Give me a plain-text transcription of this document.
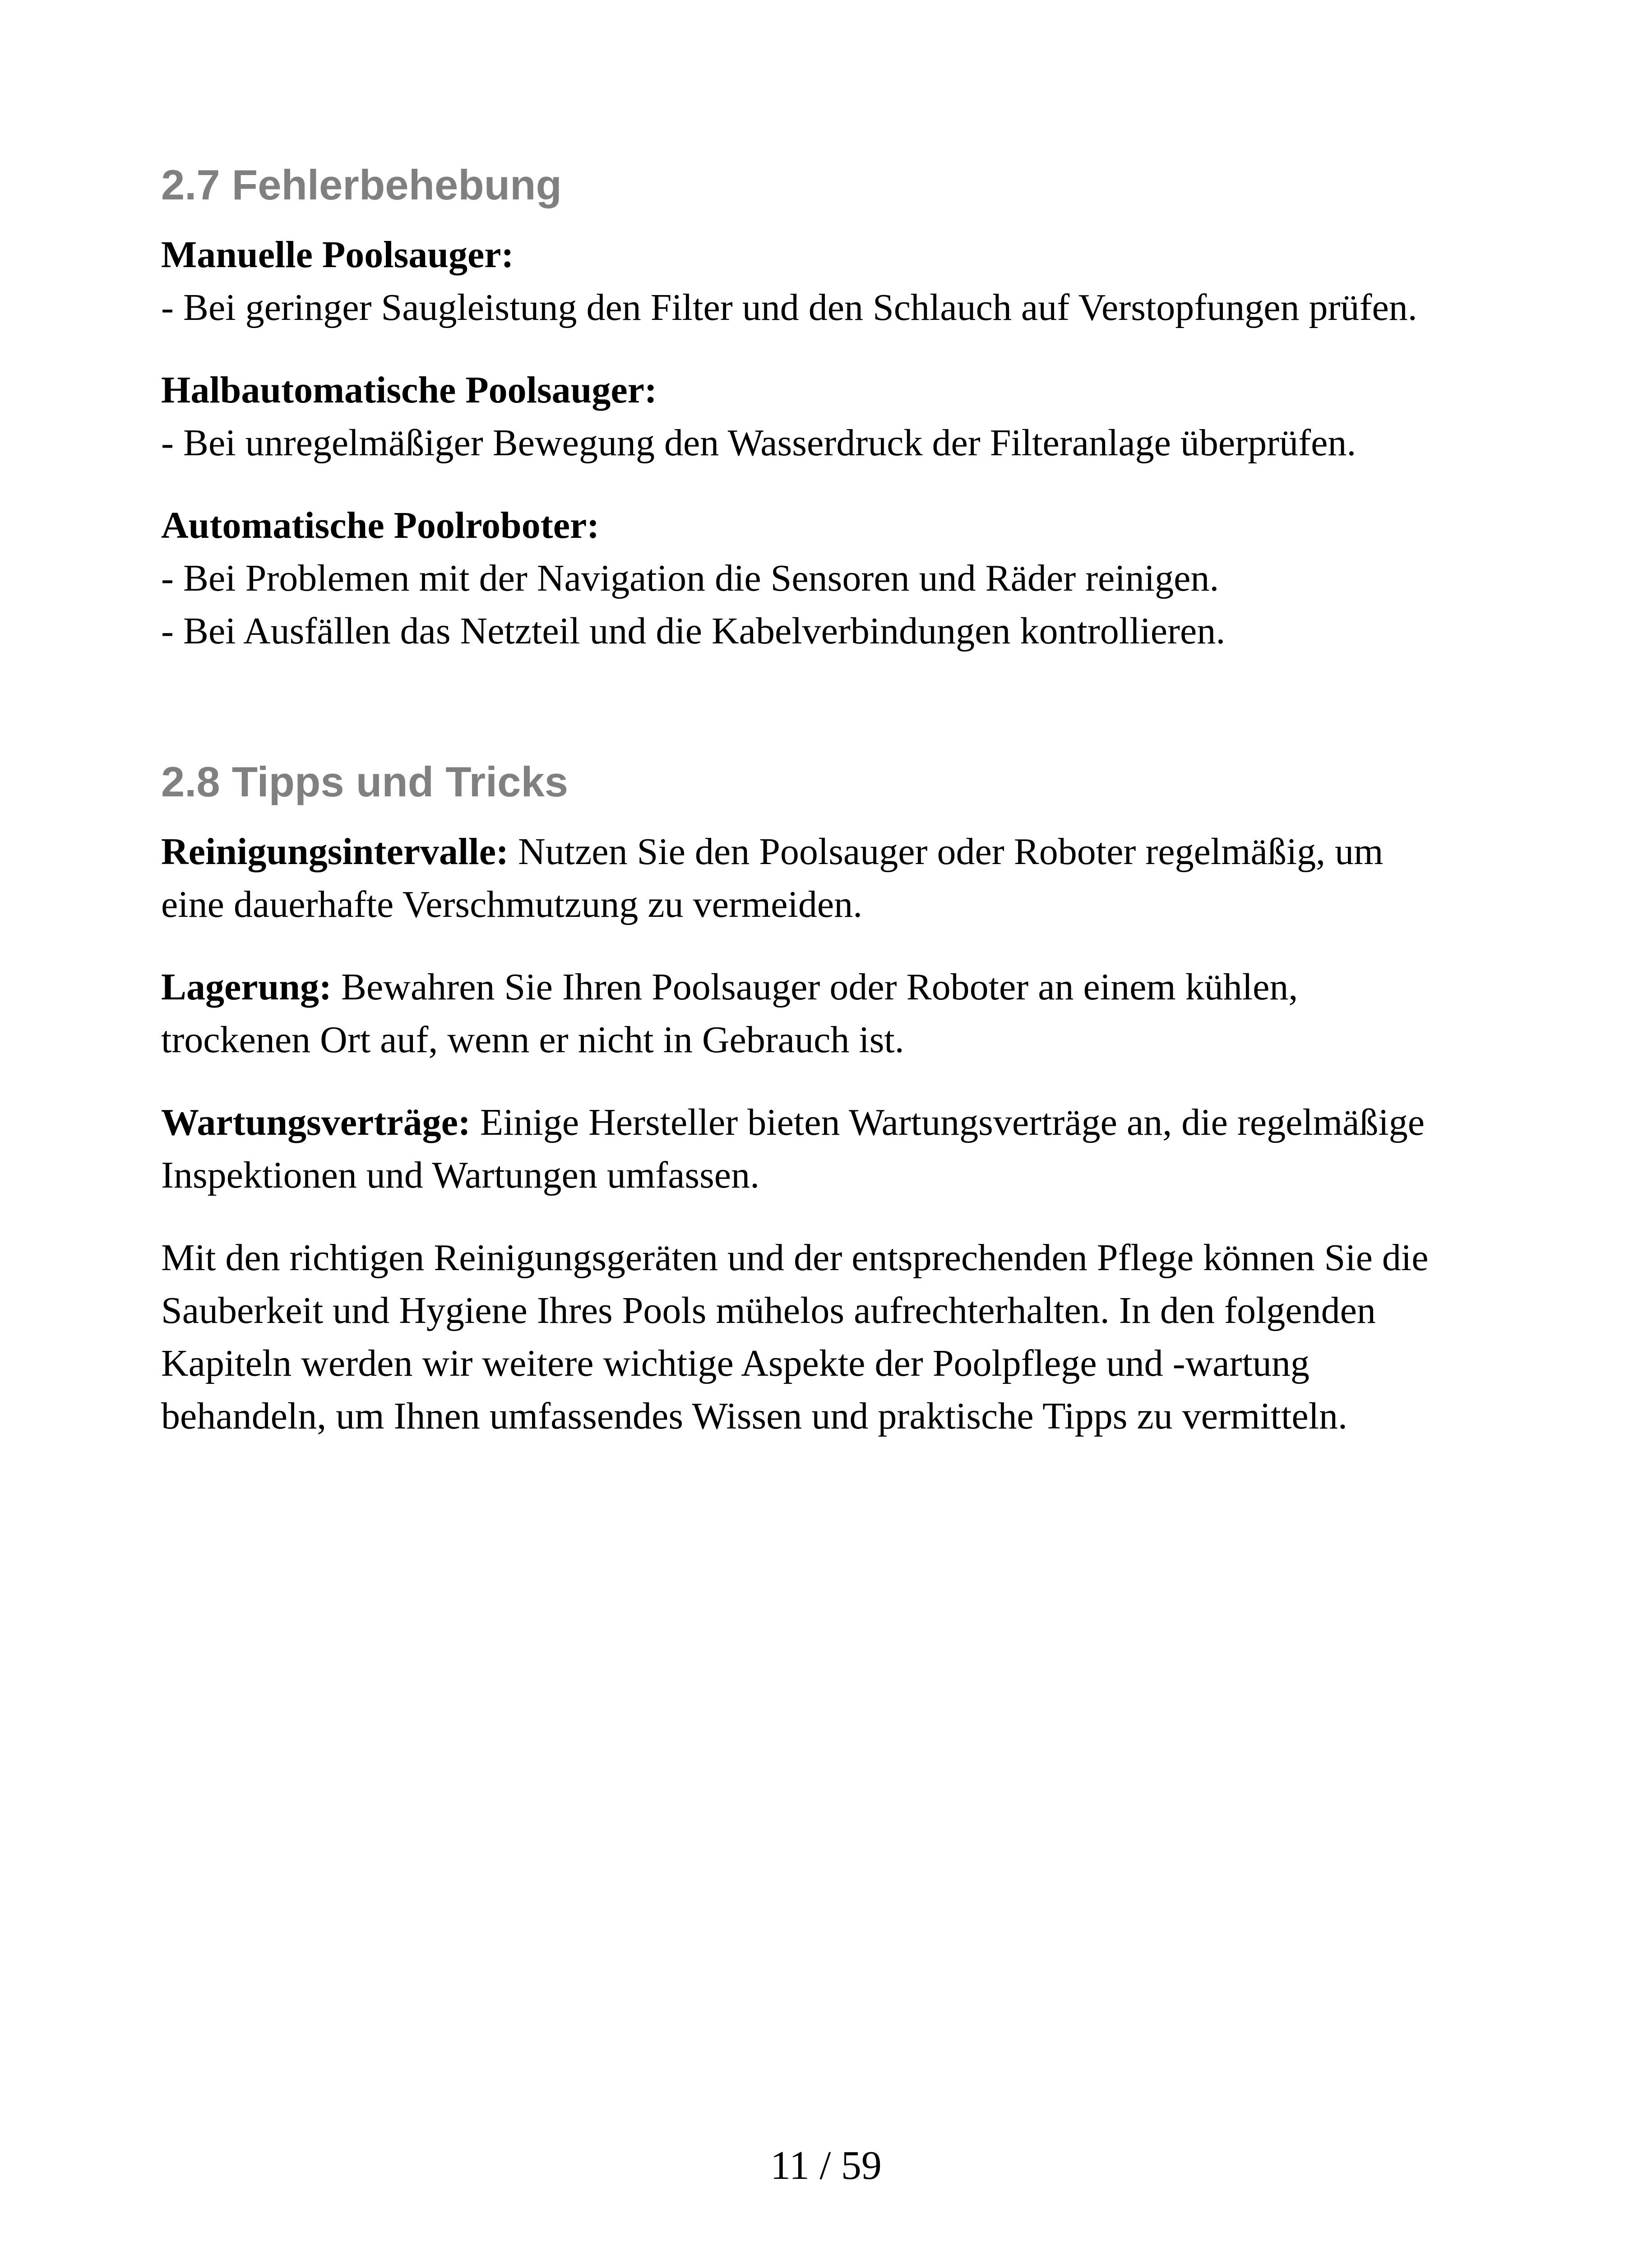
2.7 Fehlerbehebung

Manuelle Poolsauger:
- Bei geringer Saugleistung den Filter und den Schlauch auf Verstopfungen prüfen.

Halbautomatische Poolsauger:
- Bei unregelmäßiger Bewegung den Wasserdruck der Filteranlage überprüfen.

Automatische Poolroboter:
- Bei Problemen mit der Navigation die Sensoren und Räder reinigen.
- Bei Ausfällen das Netzteil und die Kabelverbindungen kontrollieren.

2.8 Tipps und Tricks

Reinigungsintervalle: Nutzen Sie den Poolsauger oder Roboter regelmäßig, um
eine dauerhafte Verschmutzung zu vermeiden.

Lagerung: Bewahren Sie Ihren Poolsauger oder Roboter an einem kühlen,
trockenen Ort auf, wenn er nicht in Gebrauch ist.

Wartungsverträge: Einige Hersteller bieten Wartungsverträge an, die regelmäßige
Inspektionen und Wartungen umfassen.

Mit den richtigen Reinigungsgeräten und der entsprechenden Pflege können Sie die
Sauberkeit und Hygiene Ihres Pools mühelos aufrechterhalten. In den folgenden
Kapiteln werden wir weitere wichtige Aspekte der Poolpflege und -wartung
behandeln, um Ihnen umfassendes Wissen und praktische Tipps zu vermitteln.

11 / 59
